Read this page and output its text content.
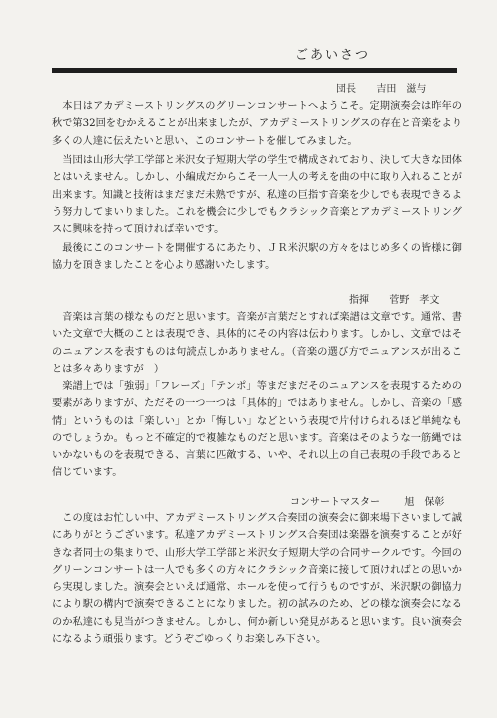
ごあいさつ
団長 吉田　滋与

本日はアカデミーストリングスのグリーンコンサートへようこそ。定期演奏会は昨年の秋で第32回をむかえることが出来ましたが、アカデミーストリングスの存在と音楽をより多くの人達に伝えたいと思い、このコンサートを催してみました。

当団は山形大学工学部と米沢女子短期大学の学生で構成されており、決して大きな団体とはいえません。しかし、小編成だからこそ一人一人の考えを曲の中に取り入れることが出来ます。知識と技術はまだまだ未熟ですが、私達の巨指す音楽を少しでも表現できるよう努力してまいりました。これを機会に少しでもクラシック音楽とアカデミーストリングスに興味を持って頂ければ幸いです。

最後にこのコンサートを開催するにあたり、ＪＲ米沢駅の方々をはじめ多くの皆様に御協力を頂きましたことを心より感謝いたします。

指揮 菅野　孝文

音楽は言葉の様なものだと思います。音楽が言葉だとすれば楽譜は文章です。通常、書いた文章で大概のことは表現でき、具体的にその内容は伝わります。しかし、文章ではそのニュアンスを表すものは句読点しかありません。（音楽の選び方でニュアンスが出ることは多々ありますが　）

楽譜上では「強弱」「フレーズ」「テンポ」等まだまだそのニュアンスを表現するための要素がありますが、ただその一つ一つは「具体的」ではありません。しかし、音楽の「感情」というものは「楽しい」とか「悔しい」などという表現で片付けられるほど単純なものでしょうか。もっと不確定的で複雑なものだと思います。音楽はそのような一筋縄ではいかないものを表現できる、言葉に匹敵する、いや、それ以上の自己表現の手段であると信じています。

コンサートマスター 旭　保彰

この度はお忙しい中、アカデミーストリングス合奏団の演奏会に御来場下さいまして誠にありがとうございます。私達アカデミーストリングス合奏団は楽器を演奏することが好きな者同士の集まりで、山形大学工学部と米沢女子短期大学の合同サークルです。今回のグリーンコンサートは一人でも多くの方々にクラシック音楽に接して頂ければとの思いから実現しました。演奏会といえば通常、ホールを使って行うものですが、米沢駅の御協力により駅の構内で演奏できることになりました。初の試みのため、どの様な演奏会になるのか私達にも見当がつきません。しかし、何か新しい発見があると思います。良い演奏会になるよう頑張ります。どうぞごゆっくりお楽しみ下さい。
